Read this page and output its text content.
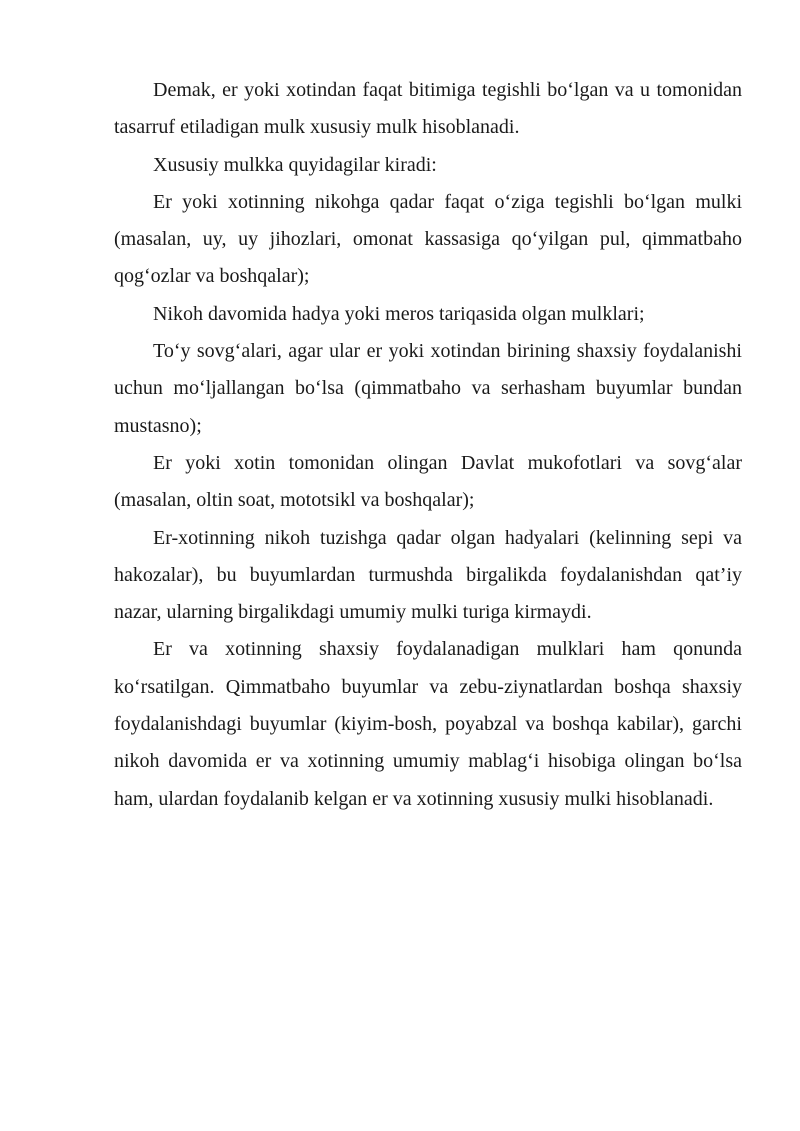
Demak, er yoki xotindan faqat bitimiga tegishli bo‘lgan va u tomonidan tasarruf etiladigan mulk xususiy mulk hisoblanadi.

Xususiy mulkka quyidagilar kiradi:

Er yoki xotinning nikohga qadar faqat o‘ziga tegishli bo‘lgan mulki (masalan, uy, uy jihozlari, omonat kassasiga qo‘yilgan pul, qimmatbaho qog‘ozlar va boshqalar);

Nikoh davomida hadya yoki meros tariqasida olgan mulklari;

To‘y sovg‘alari, agar ular er yoki xotindan birining shaxsiy foydalanishi uchun mo‘ljallangan bo‘lsa (qimmatbaho va serhasham buyumlar bundan mustasno);

Er yoki xotin tomonidan olingan Davlat mukofotlari va sovg‘alar (masalan, oltin soat, mototsikl va boshqalar);

Er-xotinning nikoh tuzishga qadar olgan hadyalari (kelinning sepi va hakozalar), bu buyumlardan turmushda birgalikda foydalanishdan qat’iy nazar, ularning birgalikdagi umumiy mulki turiga kirmaydi.

Er va xotinning shaxsiy foydalanadigan mulklari ham qonunda ko‘rsatilgan. Qimmatbaho buyumlar va zebu-ziynatlardan boshqa shaxsiy foydalanishdagi buyumlar (kiyim-bosh, poyabzal va boshqa kabilar), garchi nikoh davomida er va xotinning umumiy mablag‘i hisobiga olingan bo‘lsa ham, ulardan foydalanib kelgan er va xotinning xususiy mulki hisoblanadi.
